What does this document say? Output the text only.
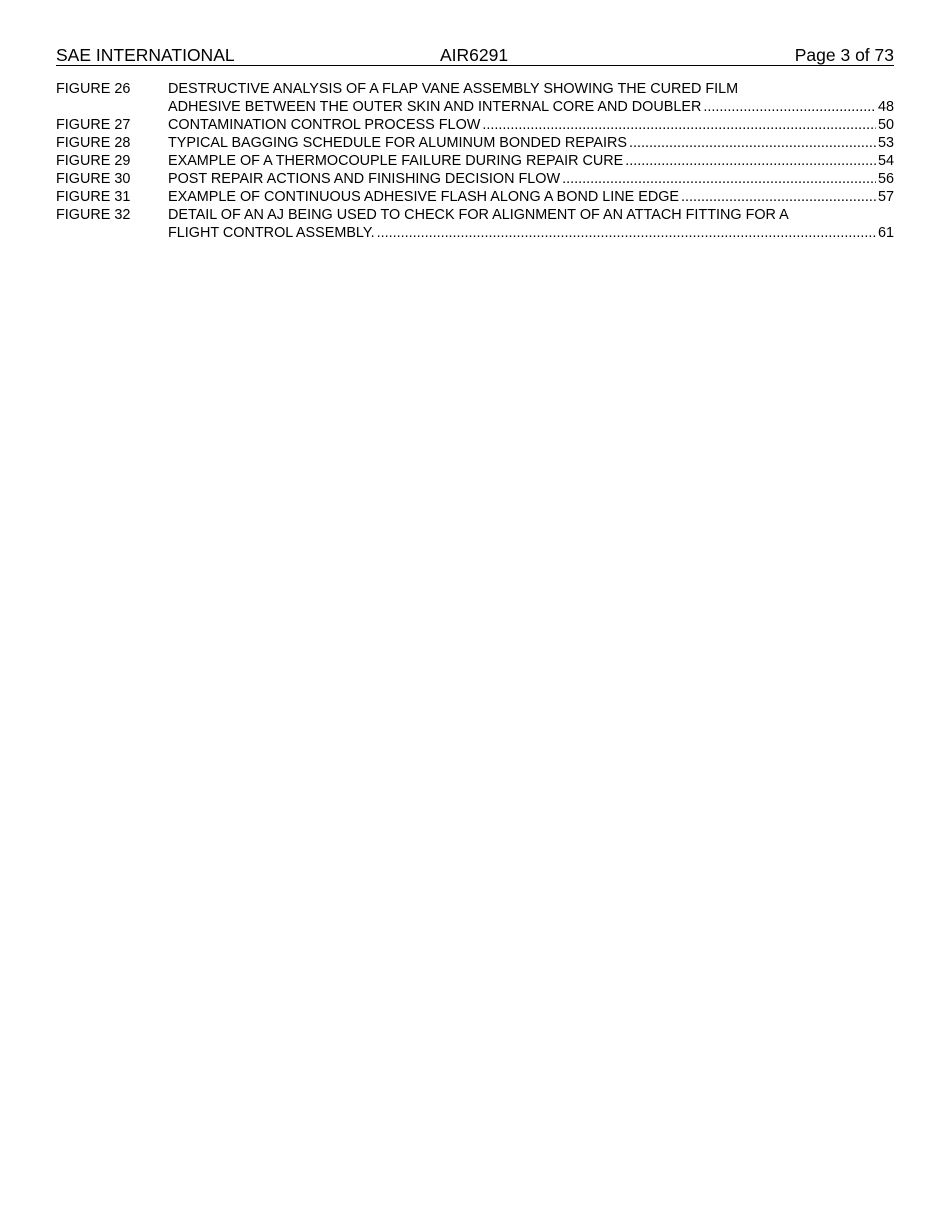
SAE INTERNATIONAL	AIR6291	Page 3 of 73
FIGURE 26	DESTRUCTIVE ANALYSIS OF A FLAP VANE ASSEMBLY SHOWING THE CURED FILM
ADHESIVE BETWEEN THE OUTER SKIN AND INTERNAL CORE AND DOUBLER .....	48
FIGURE 27	CONTAMINATION CONTROL PROCESS FLOW .....	50
FIGURE 28	TYPICAL BAGGING SCHEDULE FOR ALUMINUM BONDED REPAIRS .....	53
FIGURE 29	EXAMPLE OF A THERMOCOUPLE FAILURE DURING REPAIR CURE .....	54
FIGURE 30	POST REPAIR ACTIONS AND FINISHING DECISION FLOW .....	56
FIGURE 31	EXAMPLE OF CONTINUOUS ADHESIVE FLASH ALONG A BOND LINE EDGE .....	57
FIGURE 32	DETAIL OF AN AJ BEING USED TO CHECK FOR ALIGNMENT OF AN ATTACH FITTING FOR A
FLIGHT CONTROL ASSEMBLY. .....	61
